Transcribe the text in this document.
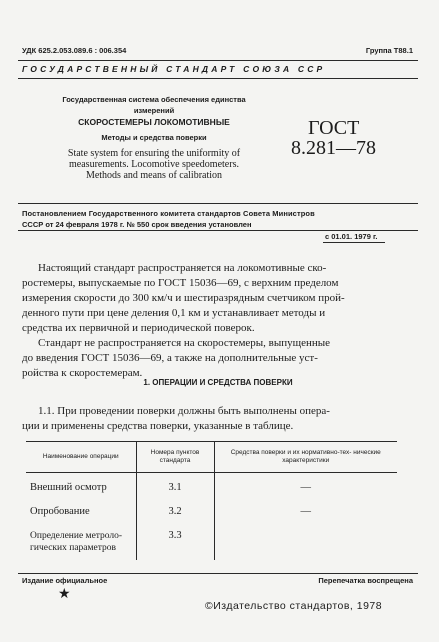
УДК 625.2.053.089.6 : 006.354	Группа Т88.1
ГОСУДАРСТВЕННЫЙ СТАНДАРТ СОЮЗА ССР
Государственная система обеспечения единства
измерений
СКОРОСТЕМЕРЫ ЛОКОМОТИВНЫЕ
Методы и средства поверки
State system for ensuring the uniformity of
measurements. Locomotive speedometers.
Methods and means of calibration
ГОСТ
8.281—78
Постановлением Государственного комитета стандартов Совета Министров
СССР от 24 февраля 1978 г. № 550 срок введения установлен
с 01.01. 1979 г.
Настоящий стандарт распространяется на локомотивные ско-
ростемеры, выпускаемые по ГОСТ 15036—69, с верхним пределом
измерения скорости до 300 км/ч и шестиразрядным счетчиком прой-
денного пути при цене деления 0,1 км и устанавливает методы и
средства их первичной и периодической поверок.
Стандарт не распространяется на скоростемеры, выпущенные
до введения ГОСТ 15036—69, а также на дополнительные уст-
ройства к скоростемерам.
1. ОПЕРАЦИИ И СРЕДСТВА ПОВЕРКИ
1.1. При проведении поверки должны быть выполнены опера-
ции и применены средства поверки, указанные в таблице.
Наименование операции	Номера пунктов стандарта	Средства поверки и их нормативно-тех- нические характеристики
Внешний осмотр	3.1	—
Опробование	3.2	—
Определение метроло- гических параметров	3.3	
Издание официальное	Перепечатка воспрещена
★
©Издательство стандартов, 1978
